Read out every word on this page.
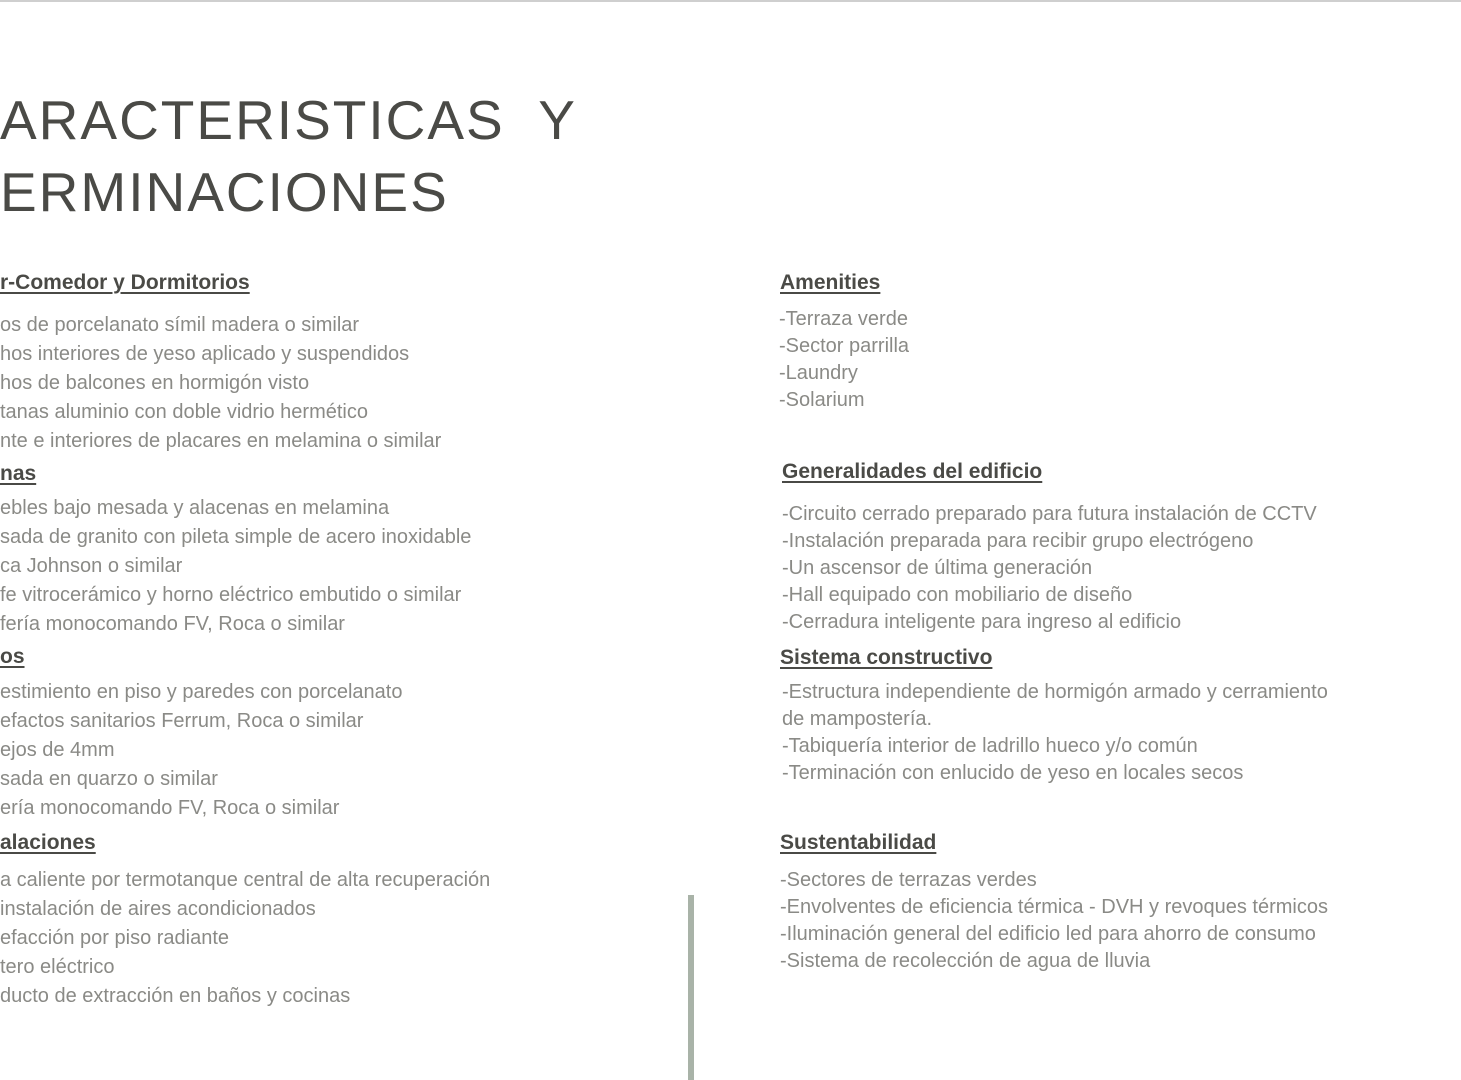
ARACTERISTICAS  Y
ERMINACIONES
r-Comedor y Dormitorios
os de porcelanato símil madera o similar
hos interiores de yeso aplicado y suspendidos
hos de balcones en hormigón visto
tanas aluminio con doble vidrio hermético
nte e interiores de placares en melamina o similar
nas
ebles bajo mesada y alacenas en melamina
sada de granito con pileta simple de acero inoxidable
ca Johnson o similar
fe vitrocerámico y horno eléctrico embutido o similar
fería monocomando FV, Roca o similar
os
estimiento en piso y paredes con porcelanato
efactos sanitarios Ferrum, Roca o similar
ejos de 4mm
sada en quarzo o similar
ería monocomando FV, Roca o similar
alaciones
a caliente por termotanque central de alta recuperación
instalación de aires acondicionados
efacción por piso radiante
tero eléctrico
ducto de extracción en baños y cocinas
Amenities
-Terraza verde
-Sector parrilla
-Laundry
-Solarium
Generalidades del edificio
-Circuito cerrado preparado para futura instalación de CCTV
-Instalación preparada para recibir grupo electrógeno
-Un ascensor de última generación
-Hall equipado con mobiliario de diseño
-Cerradura inteligente para ingreso al edificio
Sistema constructivo
-Estructura independiente de hormigón armado y cerramiento
de mampostería.
-Tabiquería interior de ladrillo hueco y/o común
-Terminación con enlucido de yeso en locales secos
Sustentabilidad
-Sectores de terrazas verdes
-Envolventes de eficiencia térmica - DVH y revoques térmicos
-Iluminación general del edificio led para ahorro de consumo
-Sistema de recolección de agua de lluvia
